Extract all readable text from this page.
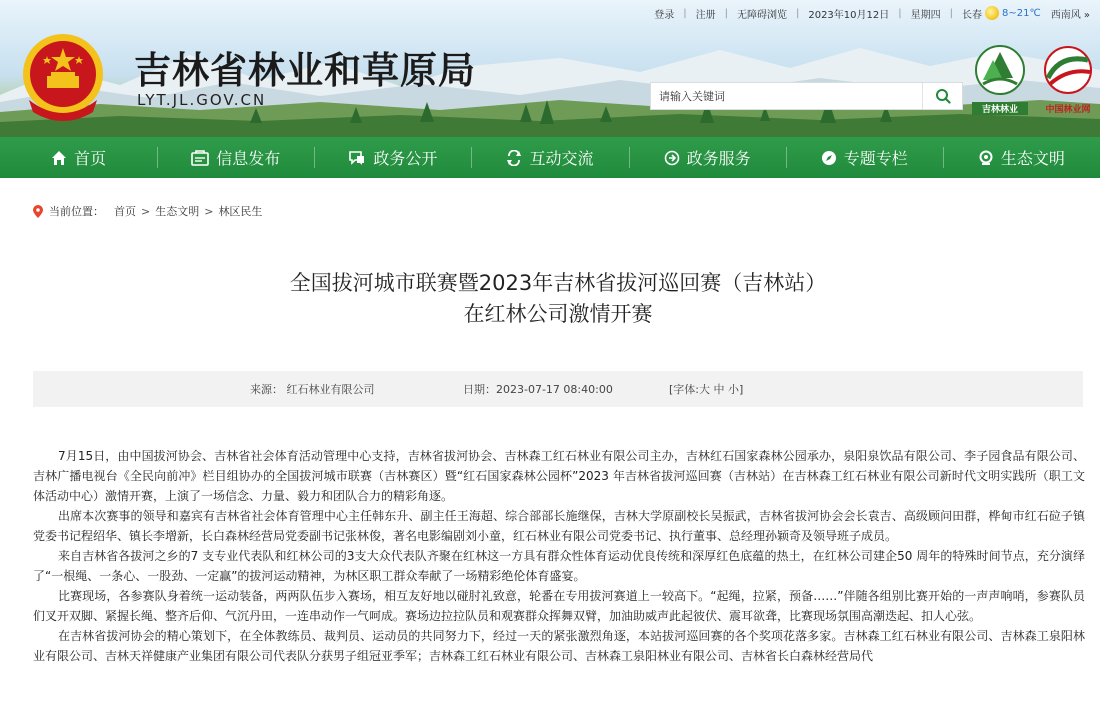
登录 | 注册 | 无障碍浏览 | 2023年10月12日 | 星期四 | 长春 8~21℃ 西南风 »
吉林省林业和草原局
LYT.JL.GOV.CN
请输入关键词
吉林林业	中国林业网
首页	信息发布	政务公开	互动交流	政务服务	专题专栏	生态文明
当前位置： 首页 > 生态文明 > 林区民生
全国拔河城市联赛暨2023年吉林省拔河巡回赛（吉林站）
在红林公司激情开赛
来源： 红石林业有限公司	日期：2023-07-17 08:40:00	[字体:大 中 小]

7月15日，由中国拔河协会、吉林省社会体育活动管理中心支持，吉林省拔河协会、吉林森工红石林业有限公司主办，吉林红石国家森林公园承办，泉阳泉饮品有限公司、李子园食品有限公司、吉林广播电视台《全民向前冲》栏目组协办的全国拔河城市联赛（吉林赛区）暨“红石国家森林公园杯”2023 年吉林省拔河巡回赛（吉林站）在吉林森工红石林业有限公司新时代文明实践所（职工文体活动中心）激情开赛，上演了一场信念、力量、毅力和团队合力的精彩角逐。

出席本次赛事的领导和嘉宾有吉林省社会体育管理中心主任韩东升、副主任王海超、综合部部长施继保，吉林大学原副校长吴振武，吉林省拔河协会会长袁吉、高级顾问田群，桦甸市红石砬子镇党委书记程绍华、镇长李增新，长白森林经营局党委副书记张林俊，著名电影编剧刘小童，红石林业有限公司党委书记、执行董事、总经理孙颖奇及领导班子成员。

来自吉林省各拔河之乡的7 支专业代表队和红林公司的3支大众代表队齐聚在红林这一方具有群众性体育运动优良传统和深厚红色底蕴的热土，在红林公司建企50 周年的特殊时间节点，充分演绎了“一根绳、一条心、一股劲、一定赢”的拔河运动精神，为林区职工群众奉献了一场精彩绝伦体育盛宴。

比赛现场，各参赛队身着统一运动装备，两两队伍步入赛场，相互友好地以碰肘礼致意，轮番在专用拔河赛道上一较高下。“起绳，拉紧，预备……”伴随各组别比赛开始的一声声响哨，参赛队员们叉开双脚、紧握长绳、整齐后仰、气沉丹田，一连串动作一气呵成。赛场边拉拉队员和观赛群众挥舞双臂，加油助威声此起彼伏、震耳欲聋，比赛现场氛围高潮迭起、扣人心弦。

在吉林省拔河协会的精心策划下，在全体教练员、裁判员、运动员的共同努力下，经过一天的紧张激烈角逐，本站拔河巡回赛的各个奖项花落多家。吉林森工红石林业有限公司、吉林森工泉阳林业有限公司、吉林天祥健康产业集团有限公司代表队分获男子组冠亚季军；吉林森工红石林业有限公司、吉林森工泉阳林业有限公司、吉林省长白森林经营局代
